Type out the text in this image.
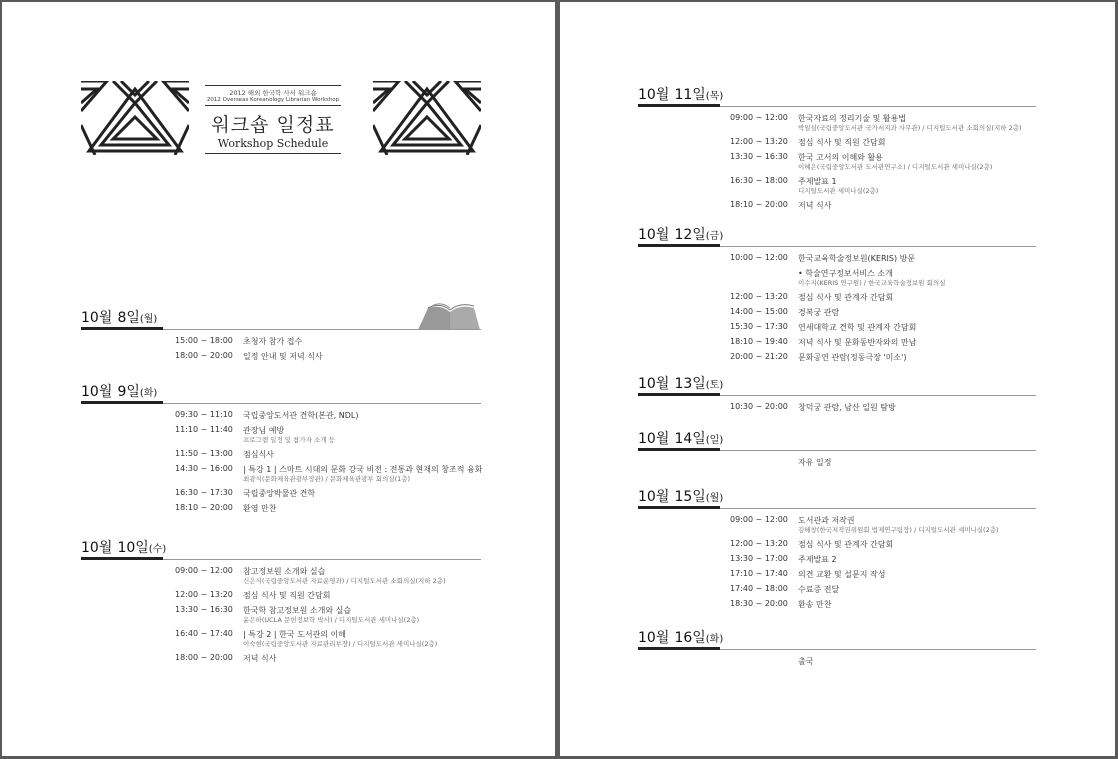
2012 해외 한국학 사서 워크숍
2012 Overseas Koreanology Librarian Workshop
워크숍 일정표
Workshop Schedule
10월 8일(월)
15:00 ~ 18:00	초청자 참가 접수
18:00 ~ 20:00	일정 안내 및 저녁 식사
10월 9일(화)
09:30 ~ 11:10	국립중앙도서관 견학(본관, NDL)
11:10 ~ 11:40	관장님 예방
프로그램 일정 및 참가자 소개 등
11:50 ~ 13:00	점심식사
14:30 ~ 16:00	| 특강 1 | 스마트 시대의 문화 강국 비전 : 전통과 현재의 창조적 융화
최광식(문화체육관광부장관) / 문화체육관광부 회의실(1층)
16:30 ~ 17:30	국립중앙박물관 견학
18:10 ~ 20:00	환영 만찬
10월 10일(수)
09:00 ~ 12:00	참고정보원 소개와 실습
신은식(국립중앙도서관 자료운영과) / 디지털도서관 소회의실(지하 2층)
12:00 ~ 13:20	점심 식사 및 직원 간담회
13:30 ~ 16:30	한국학 참고정보원 소개와 실습
윤은하(UCLA 문헌정보학 박사) / 디지털도서관 세미나실(2층)
16:40 ~ 17:40	| 특강 2 | 한국 도서관의 이해
이숙현(국립중앙도서관 자료관리부장) / 디지털도서관 세미나실(2층)
18:00 ~ 20:00	저녁 식사
10월 11일(목)
09:00 ~ 12:00	한국자료의 정리기술 및 활용법
박일심(국립중앙도서관 국가서지과 사무관) / 디지털도서관 소회의실(지하 2층)
12:00 ~ 13:20	점심 식사 및 직원 간담회
13:30 ~ 16:30	한국 고서의 이해와 활용
이혜은(국립중앙도서관 도서관연구소) / 디지털도서관 세미나실(2층)
16:30 ~ 18:00	주제발표 1
디지털도서관 세미나실(2층)
18:10 ~ 20:00	저녁 식사
10월 12일(금)
10:00 ~ 12:00	한국교육학술정보원(KERIS) 방문
• 학술연구정보서비스 소개
이수지(KERIS 연구원) / 한국교육학술정보원 회의실
12:00 ~ 13:20	점심 식사 및 관계자 간담회
14:00 ~ 15:00	경복궁 관람
15:30 ~ 17:30	연세대학교 견학 및 관계자 간담회
18:10 ~ 19:40	저녁 식사 및 문화동반자와의 만남
20:00 ~ 21:20	문화공연 관람(정동극장 '미소')
10월 13일(토)
10:30 ~ 20:00	창덕궁 관람, 남산 일원 탐방
10월 14일(일)
자유 일정
10월 15일(월)
09:00 ~ 12:00	도서관과 저작권
김혜창(한국저작권위원회 법제연구팀장) / 디지털도서관 세미나실(2층)
12:00 ~ 13:20	점심 식사 및 관계자 간담회
13:30 ~ 17:00	주제발표 2
17:10 ~ 17:40	의견 교환 및 설문지 작성
17:40 ~ 18:00	수료증 전달
18:30 ~ 20:00	환송 만찬
10월 16일(화)
출국
